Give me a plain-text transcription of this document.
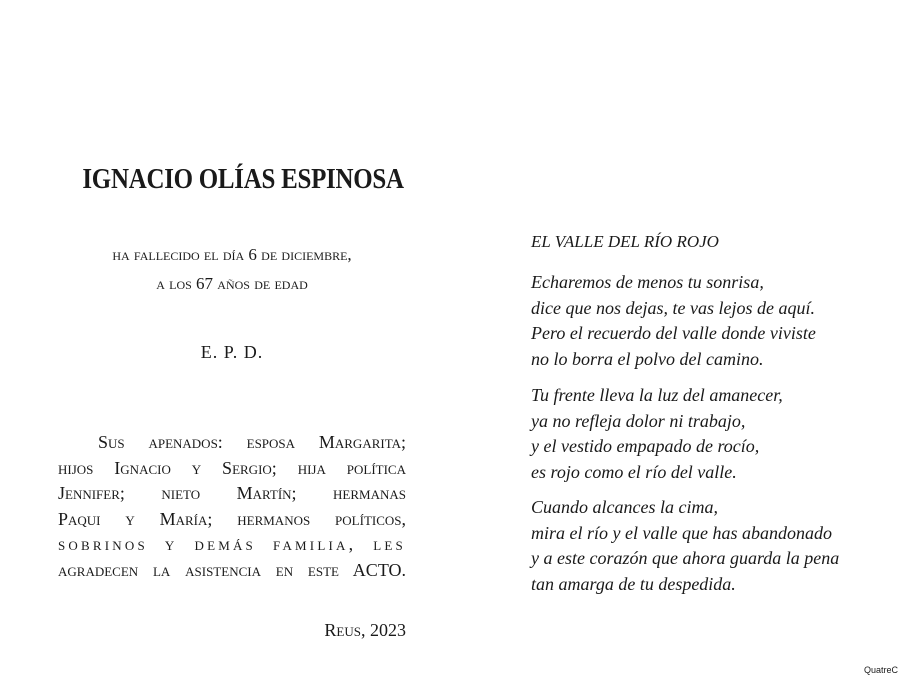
IGNACIO OLÍAS ESPINOSA

ha fallecido el día 6 de diciembre,
a los 67 años de edad

E. P. D.

Sus apenados: esposa Margarita;
hijos Ignacio y Sergio; hija política
Jennifer; nieto Martín; hermanas
Paqui y María; hermanos políticos,
sobrinos y demás familia, les
agradecen la asistencia en este ACTO.

Reus, 2023

EL VALLE DEL RÍO ROJO

Echaremos de menos tu sonrisa,
dice que nos dejas, te vas lejos de aquí.
Pero el recuerdo del valle donde viviste
no lo borra el polvo del camino.

Tu frente lleva la luz del amanecer,
ya no refleja dolor ni trabajo,
y el vestido empapado de rocío,
es rojo como el río del valle.

Cuando alcances la cima,
mira el río y el valle que has abandonado
y a este corazón que ahora guarda la pena
tan amarga de tu despedida.

QuatreC
